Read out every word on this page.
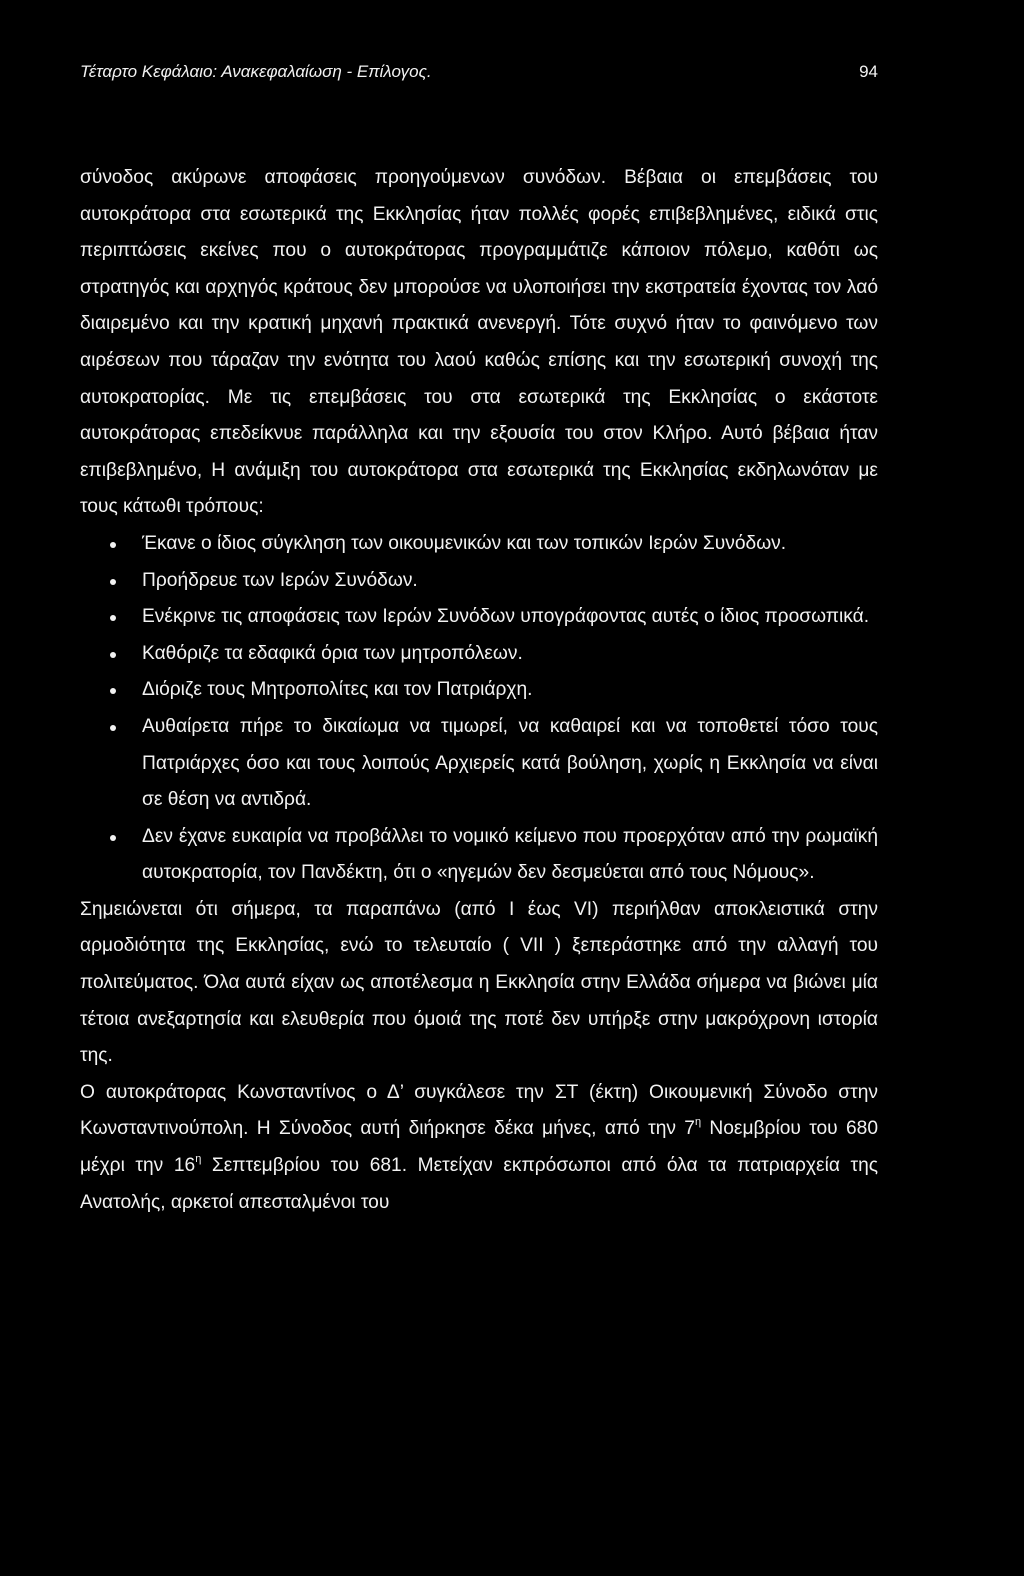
Τέταρτο Κεφάλαιο: Ανακεφαλαίωση - Επίλογος.	94

σύνοδος ακύρωνε αποφάσεις προηγούμενων συνόδων. Βέβαια οι επεμβάσεις του αυτοκράτορα στα εσωτερικά της Εκκλησίας ήταν πολλές φορές επιβεβλημένες, ειδικά στις περιπτώσεις εκείνες που ο αυτοκράτορας προγραμμάτιζε κάποιον πόλεμο, καθότι ως στρατηγός και αρχηγός κράτους δεν μπορούσε να υλοποιήσει την εκστρατεία έχοντας τον λαό διαιρεμένο και την κρατική μηχανή πρακτικά ανενεργή. Τότε συχνό ήταν το φαινόμενο των αιρέσεων που τάραζαν την ενότητα του λαού καθώς επίσης και την εσωτερική συνοχή της αυτοκρατορίας. Με τις επεμβάσεις του στα εσωτερικά της Εκκλησίας ο εκάστοτε αυτοκράτορας επεδείκνυε παράλληλα και την εξουσία του στον Κλήρο. Αυτό βέβαια ήταν επιβεβλημένο, Η ανάμιξη του αυτοκράτορα στα εσωτερικά της Εκκλησίας εκδηλωνόταν με τους κάτωθι τρόπους:

Έκανε ο ίδιος σύγκληση των οικουμενικών και των τοπικών Ιερών Συνόδων.
Προήδρευε των Ιερών Συνόδων.
Ενέκρινε τις αποφάσεις των Ιερών Συνόδων υπογράφοντας αυτές ο ίδιος προσωπικά.
Καθόριζε τα εδαφικά όρια των μητροπόλεων.
Διόριζε τους Μητροπολίτες και τον Πατριάρχη.
Αυθαίρετα πήρε το δικαίωμα να τιμωρεί, να καθαιρεί και να τοποθετεί τόσο τους Πατριάρχες όσο και τους λοιπούς Αρχιερείς κατά βούληση, χωρίς η Εκκλησία να είναι σε θέση να αντιδρά.
Δεν έχανε ευκαιρία να προβάλλει το νομικό κείμενο που προερχόταν από την ρωμαϊκή αυτοκρατορία, τον Πανδέκτη, ότι ο «ηγεμών δεν δεσμεύεται από τους Νόμους».

Σημειώνεται ότι σήμερα, τα παραπάνω (από I έως VI) περιήλθαν αποκλειστικά στην αρμοδιότητα της Εκκλησίας, ενώ το τελευταίο ( VII ) ξεπεράστηκε από την αλλαγή του πολιτεύματος. Όλα αυτά είχαν ως αποτέλεσμα η Εκκλησία στην Ελλάδα σήμερα να βιώνει μία τέτοια ανεξαρτησία και ελευθερία που όμοιά της ποτέ δεν υπήρξε στην μακρόχρονη ιστορία της.

Ο αυτοκράτορας Κωνσταντίνος ο Δ’ συγκάλεσε την ΣΤ (έκτη) Οικουμενική Σύνοδο στην Κωνσταντινούπολη. Η Σύνοδος αυτή διήρκησε δέκα μήνες, από την $7^\eta$ Νοεμβρίου του 680 μέχρι την $16^\eta$ Σεπτεμβρίου του 681. Μετείχαν εκπρόσωποι από όλα τα πατριαρχεία της Ανατολής, αρκετοί απεσταλμένοι του
